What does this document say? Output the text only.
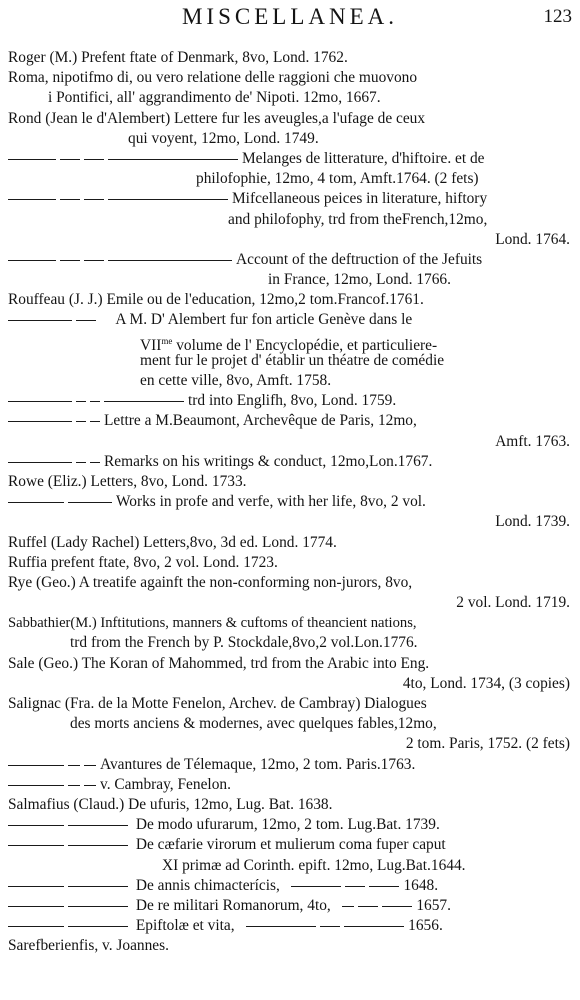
MISCELLANEA.	123
Roger (M.) Prefent ftate of Denmark, 8vo, Lond. 1762.
Roma, nipotifmo di, ou vero relatione delle raggioni che muovono
i Pontifici, all' aggrandimento de' Nipoti. 12mo, 1667.
Rond (Jean le d'Alembert) Lettere fur les aveugles,a l'ufage de ceux
qui voyent, 12mo, Lond. 1749.
Melanges de litterature, d'hiftoire. et de
philofophie, 12mo, 4 tom, Amft.1764. (2 fets)
Mifcellaneous peices in literature, hiftory
and philofophy, trd from theFrench,12mo,
Lond. 1764.
Account of the deftruction of the Jefuits
in France, 12mo, Lond. 1766.
Rouffeau (J. J.) Emile ou de l'education, 12mo,2 tom.Francof.1761.
A M. D' Alembert fur fon article Genève dans le
$VII^{me}$ volume de l' Encyclopédie, et particuliere-
ment fur le projet d' établir un théatre de comédie
en cette ville, 8vo, Amft. 1758.
trd into Englifh, 8vo, Lond. 1759.
Lettre a M.Beaumont, Archevêque de Paris, 12mo,
Amft. 1763.
Remarks on his writings & conduct, 12mo,Lon.1767.
Rowe (Eliz.) Letters, 8vo, Lond. 1733.
Works in profe and verfe, with her life, 8vo, 2 vol.
Lond. 1739.
Ruffel (Lady Rachel) Letters,8vo, 3d ed. Lond. 1774.
Ruffia prefent ftate, 8vo, 2 vol. Lond. 1723.
Rye (Geo.) A treatife againft the non-conforming non-jurors, 8vo,
2 vol. Lond. 1719.
Sabbathier(M.) Inftitutions, manners & cuftoms of theancient nations,
trd from the French by P. Stockdale,8vo,2 vol.Lon.1776.
Sale (Geo.) The Koran of Mahommed, trd from the Arabic into Eng.
4to, Lond. 1734, (3 copies)
Salignac (Fra. de la Motte Fenelon, Archev. de Cambray) Dialogues
des morts anciens & modernes, avec quelques fables,12mo,
2 tom. Paris, 1752. (2 fets)
Avantures de Télemaque, 12mo, 2 tom. Paris.1763.
v. Cambray, Fenelon.
Salmafius (Claud.) De ufuris, 12mo, Lug. Bat. 1638.
De modo ufurarum, 12mo, 2 tom. Lug.Bat. 1739.
De cæfarie virorum et mulierum coma fuper caput
XI primæ ad Corinth. epift. 12mo, Lug.Bat.1644.
De annis chimacterícis,	1648.
De re militari Romanorum, 4to,	1657.
Epiftolæ et vita,	1656.
Sarefberienfis, v. Joannes.
